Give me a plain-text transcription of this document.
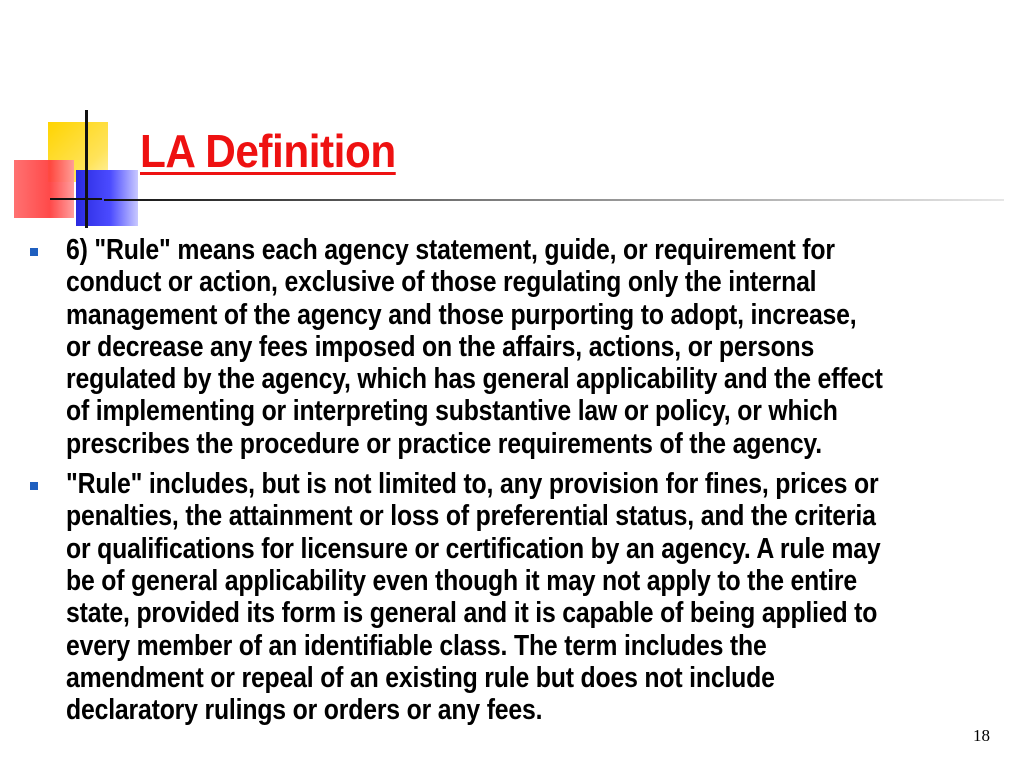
LA Definition

6) "Rule" means each agency statement, guide, or requirement for conduct or action, exclusive of those regulating only the internal management of the agency and those purporting to adopt, increase, or decrease any fees imposed on the affairs, actions, or persons regulated by the agency, which has general applicability and the effect of implementing or interpreting substantive law or policy, or which prescribes the procedure or practice requirements of the agency.

"Rule" includes, but is not limited to, any provision for fines, prices or penalties, the attainment or loss of preferential status, and the criteria or qualifications for licensure or certification by an agency. A rule may be of general applicability even though it may not apply to the entire state, provided its form is general and it is capable of being applied to every member of an identifiable class. The term includes the amendment or repeal of an existing rule but does not include declaratory rulings or orders or any fees.

18
